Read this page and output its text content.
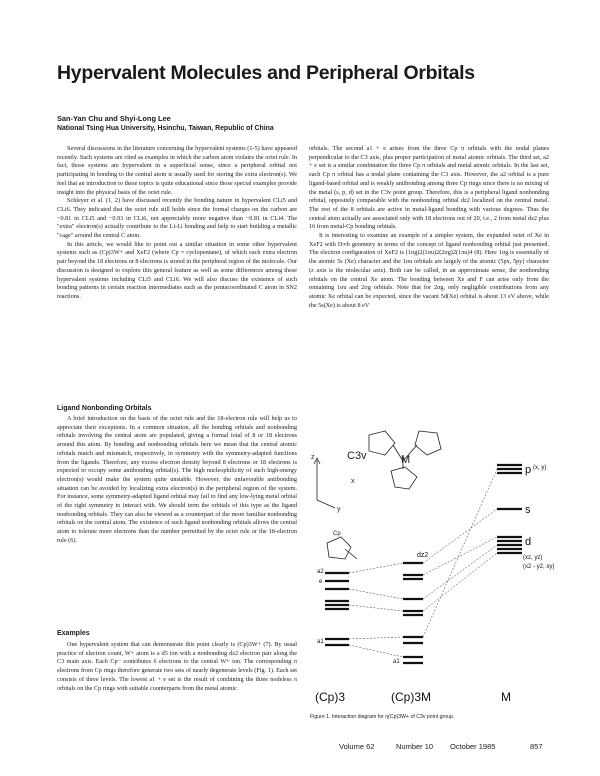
Hypervalent Molecules and Peripheral Orbitals
San-Yan Chu and Shyi-Long Lee
National Tsing Hua University, Hsinchu, Taiwan, Republic of China

Several discussions in the literature concerning the hypervalent systems (1-5) have appeared recently. Such systems are cited as examples in which the carbon atom violates the octet rule. In fact, those systems are hypervalent in a superficial sense, since a peripheral orbital not participating in bonding to the central atom is usually used for storing the extra electron(s). We feel that an introduction to these topics is quite educational since those special examples provide insight into the physical basis of the octet rule.

Schleyer et al. (1, 2) have discussed recently the bonding nature in hypervalent CLi5 and CLi6. They indicated that the octet rule still holds since the formal charges on the carbon are −0.81 in CLi5 and −0.93 in CLi6, not appreciably more negative than −0.81 in CLi4. The "extra" electron(s) actually contribute to the Li-Li bonding and help to start building a metallic "cage" around the central C atom.

In this article, we would like to point out a similar situation in some other hypervalent systems such as (Cp)3W+ and XeF2 (where Cp = cyclopentane), of which each extra electron pair beyond the 18 electrons or 8 electrons is stored in the peripheral region of the molecule. Our discussion is designed to explore this general feature as well as some differences among these hypervalent systems including CLi5 and CLi6. We will also discuss the existence of such bonding patterns in certain reaction intermediates such as the pentacoordinated C atom in SN2 reactions.

Ligand Nonbonding Orbitals

A brief introduction on the basis of the octet rule and the 18-electron rule will help us to appreciate their exceptions. In a common situation, all the bonding orbitals and nonbonding orbitals involving the central atom are populated, giving a formal total of 8 or 18 electrons around this atom. By bonding and nonbonding orbitals here we mean that the central atomic orbitals match and mismatch, respectively, in symmetry with the symmetry-adapted functions from the ligands. Therefore, any excess electron density beyond 8 electrons or 18 electrons is expected to occupy some antibonding orbital(s). The high nucleophilicity of such high-energy electron(s) would make the system quite unstable. However, the unfavorable antibonding situation can be avoided by localizing extra electron(s) in the peripheral region of the system. For instance, some symmetry-adapted ligand orbital may fail to find any low-lying metal orbital of the right symmetry to interact with. We should term the orbitals of this type as the ligand nonbonding orbitals. They can also be viewed as a counterpart of the more familiar nonbonding orbitals on the central atom. The existence of such ligand nonbonding orbitals allows the central atom to tolerate more electrons than the number permitted by the octet rule or the 18-electron rule (6).

Examples

One hypervalent system that can demonstrate this point clearly is (Cp)3W+ (7). By usual practice of electron count, W+ atom is a d5 ion with a nonbonding dz2 electron pair along the C3 main axis. Each Cp− contributes 6 electrons to the central W+ ion. The corresponding π electrons from Cp rings therefore generate two sets of nearly degenerate levels (Fig. 1). Each set consists of three levels. The lowest a1 + e set is the result of combining the three nodeless π orbitals on the Cp rings with suitable counterparts from the metal atomic

orbitals. The second a1 + e arises from the three Cp π orbitals with the nodal planes perpendicular to the C3 axis, plus proper participation of metal atomic orbitals. The third set, a2 + e set is a similar combination the three Cp π orbitals and metal atomic orbitals. In the last set, each Cp π orbital has a nodal plane containing the C3 axis. However, the a2 orbital is a pure ligand-based orbital and is weakly antibonding among three Cp rings since there is no mixing of the metal (s, p, d) set in the C3v point group. Therefore, this is a peripheral ligand nonbonding orbital, oppositely comparable with the nonbonding orbital dz2 localized on the central metal. The rest of the 8 orbitals are active in metal-ligand bonding with various degrees. Thus the central atom actually are associated only with 18 electrons out of 20, i.e., 2 from metal dz2 plus 16 from metal-Cp bonding orbitals.

It is interesting to examine an example of a simpler system, the expanded octet of Xe in XeF2 with D∞h geometry in terms of the concept of ligand nonbonding orbital just presented. The electron configuration of XeF2 is (1σg)2(1σu)2(2σg)2(1πu)4 (8). Here 1σg is essentially of the atomic 5s (Xe) character and the 1σu orbitals are largely of the atomic (5px, 5py) character (z axis is the molecular axis). Both can be called, in an approximate sense, the nonbonding orbitals on the central Xe atom. The bonding between Xe and F can arise only from the remaining 1σu and 2σg orbitals. Note that for 2σg, only negligible contributions from any atomic Xe orbital can be expected, since the vacant 5d(Xe) orbital is about 13 eV above, while the 5s(Xe) is about 8 eV

z
y
x
C3v	M
Cp
p (x, y)
s
d
(xz, yz)
(x2 - y2, xy)
dz2
a2
e
a1
a1
(Cp)3	(Cp)3M	M
Figure 1. Interaction diagram for η(Cp)3W+ of C3v point group.
Volume 62	Number 10 October 1985	857
